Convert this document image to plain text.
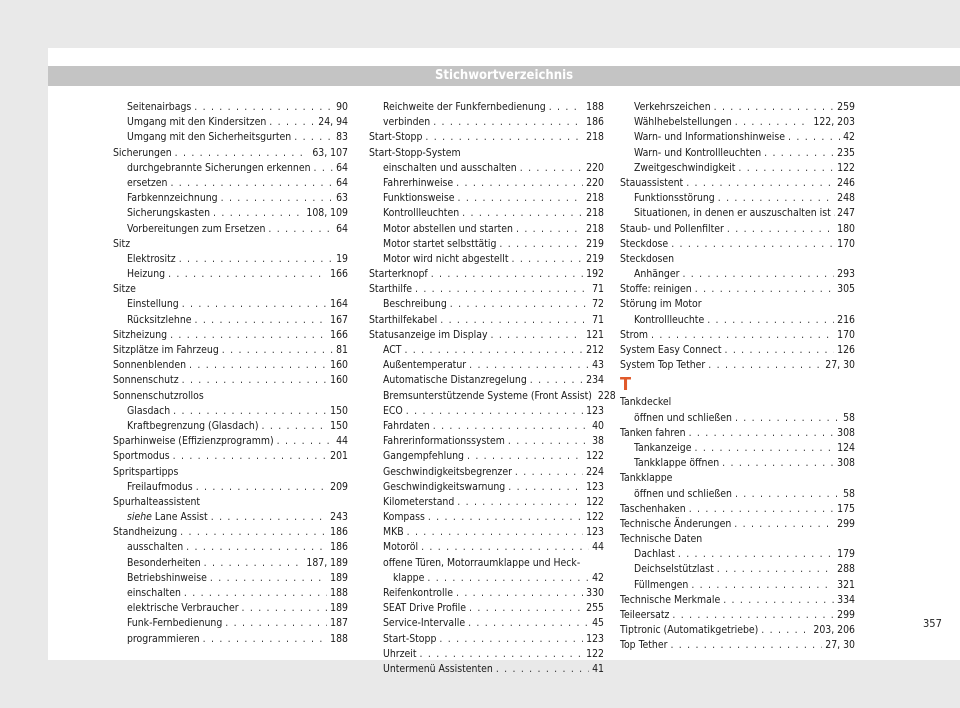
Stichwortverzeichnis
Seitenairbags . . .	90
Umgang mit den Kindersitzen . . .	24, 94
Umgang mit den Sicherheitsgurten . . .	83
Sicherungen . . .	63, 107
durchgebrannte Sicherungen erkennen . . . 64
ersetzen . . .	64
Farbkennzeichnung . . .	63
Sicherungskasten . . .	108, 109
Vorbereitungen zum Ersetzen . . .	64
Sitz
Elektrositz . . .	19
Heizung . . .	166
Sitze
Einstellung . . .	164
Rücksitzlehne . . .	167
Sitzheizung . . .	166
Sitzplätze im Fahrzeug . . .	81
Sonnenblenden . . .	160
Sonnenschutz . . .	160
Sonnenschutzrollos
Glasdach . . .	150
Kraftbegrenzung (Glasdach) . . .	150
Sparhinweise (Effizienzprogramm) . . .	44
Sportmodus . . .	201
Spritspartipps
Freilaufmodus . . .	209
Spurhalteassistent
siehe Lane Assist . . .	243
Standheizung . . .	186
ausschalten . . .	186
Besonderheiten . . .	187, 189
Betriebshinweise . . .	189
einschalten . . .	188
elektrische Verbraucher . . .	189
Funk-Fernbedienung . . .	187
programmieren . . .	188
Reichweite der Funkfernbedienung . . .	188
verbinden . . .	186
Start-Stopp . . .	218
Start-Stopp-System
einschalten und ausschalten . . .	220
Fahrerhinweise . . .	220
Funktionsweise . . .	218
Kontrollleuchten . . .	218
Motor abstellen und starten . . .	218
Motor startet selbsttätig . . .	219
Motor wird nicht abgestellt . . .	219
Starterknopf . . .	192
Starthilfe . . .	71
Beschreibung . . .	72
Starthilfekabel . . .	71
Statusanzeige im Display . . .	121
ACT . . .	212
Außentemperatur . . .	43
Automatische Distanzregelung . . .	234
Bremsunterstützende Systeme (Front Assist) 228
ECO . . .	123
Fahrdaten . . .	40
Fahrerinformationssystem . . .	38
Gangempfehlung . . .	122
Geschwindigkeitsbegrenzer . . .	224
Geschwindigkeitswarnung . . .	123
Kilometerstand . . .	122
Kompass . . .	122
MKB . . .	123
Motoröl . . .	44
offene Türen, Motorraumklappe und Heck-
klappe . . .	42
Reifenkontrolle . . .	330
SEAT Drive Profile . . .	255
Service-Intervalle . . .	45
Start-Stopp . . .	123
Uhrzeit . . .	122
Untermenü Assistenten . . .	41
Verkehrszeichen . . .	259
Wählhebelstellungen . . .	122, 203
Warn- und Informationshinweise . . .	42
Warn- und Kontrollleuchten . . .	235
Zweitgeschwindigkeit . . .	122
Stauassistent . . .	246
Funktionsstörung . . .	248
Situationen, in denen er auszuschalten ist . . . 247
Staub- und Pollenfilter . . .	180
Steckdose . . .	170
Steckdosen
Anhänger . . .	293
Stoffe: reinigen . . .	305
Störung im Motor
Kontrollleuchte . . .	216
Strom . . .	170
System Easy Connect . . .	126
System Top Tether . . .	27, 30
T
Tankdeckel
öffnen und schließen . . .	58
Tanken fahren . . .	308
Tankanzeige . . .	124
Tankklappe öffnen . . .	308
Tankklappe
öffnen und schließen . . .	58
Taschenhaken . . .	175
Technische Änderungen . . .	299
Technische Daten
Dachlast . . .	179
Deichselstützlast . . .	288
Füllmengen . . .	321
Technische Merkmale . . .	334
Teileersatz . . .	299
Tiptronic (Automatikgetriebe) . . .	203, 206
Top Tether . . .	27, 30
357
